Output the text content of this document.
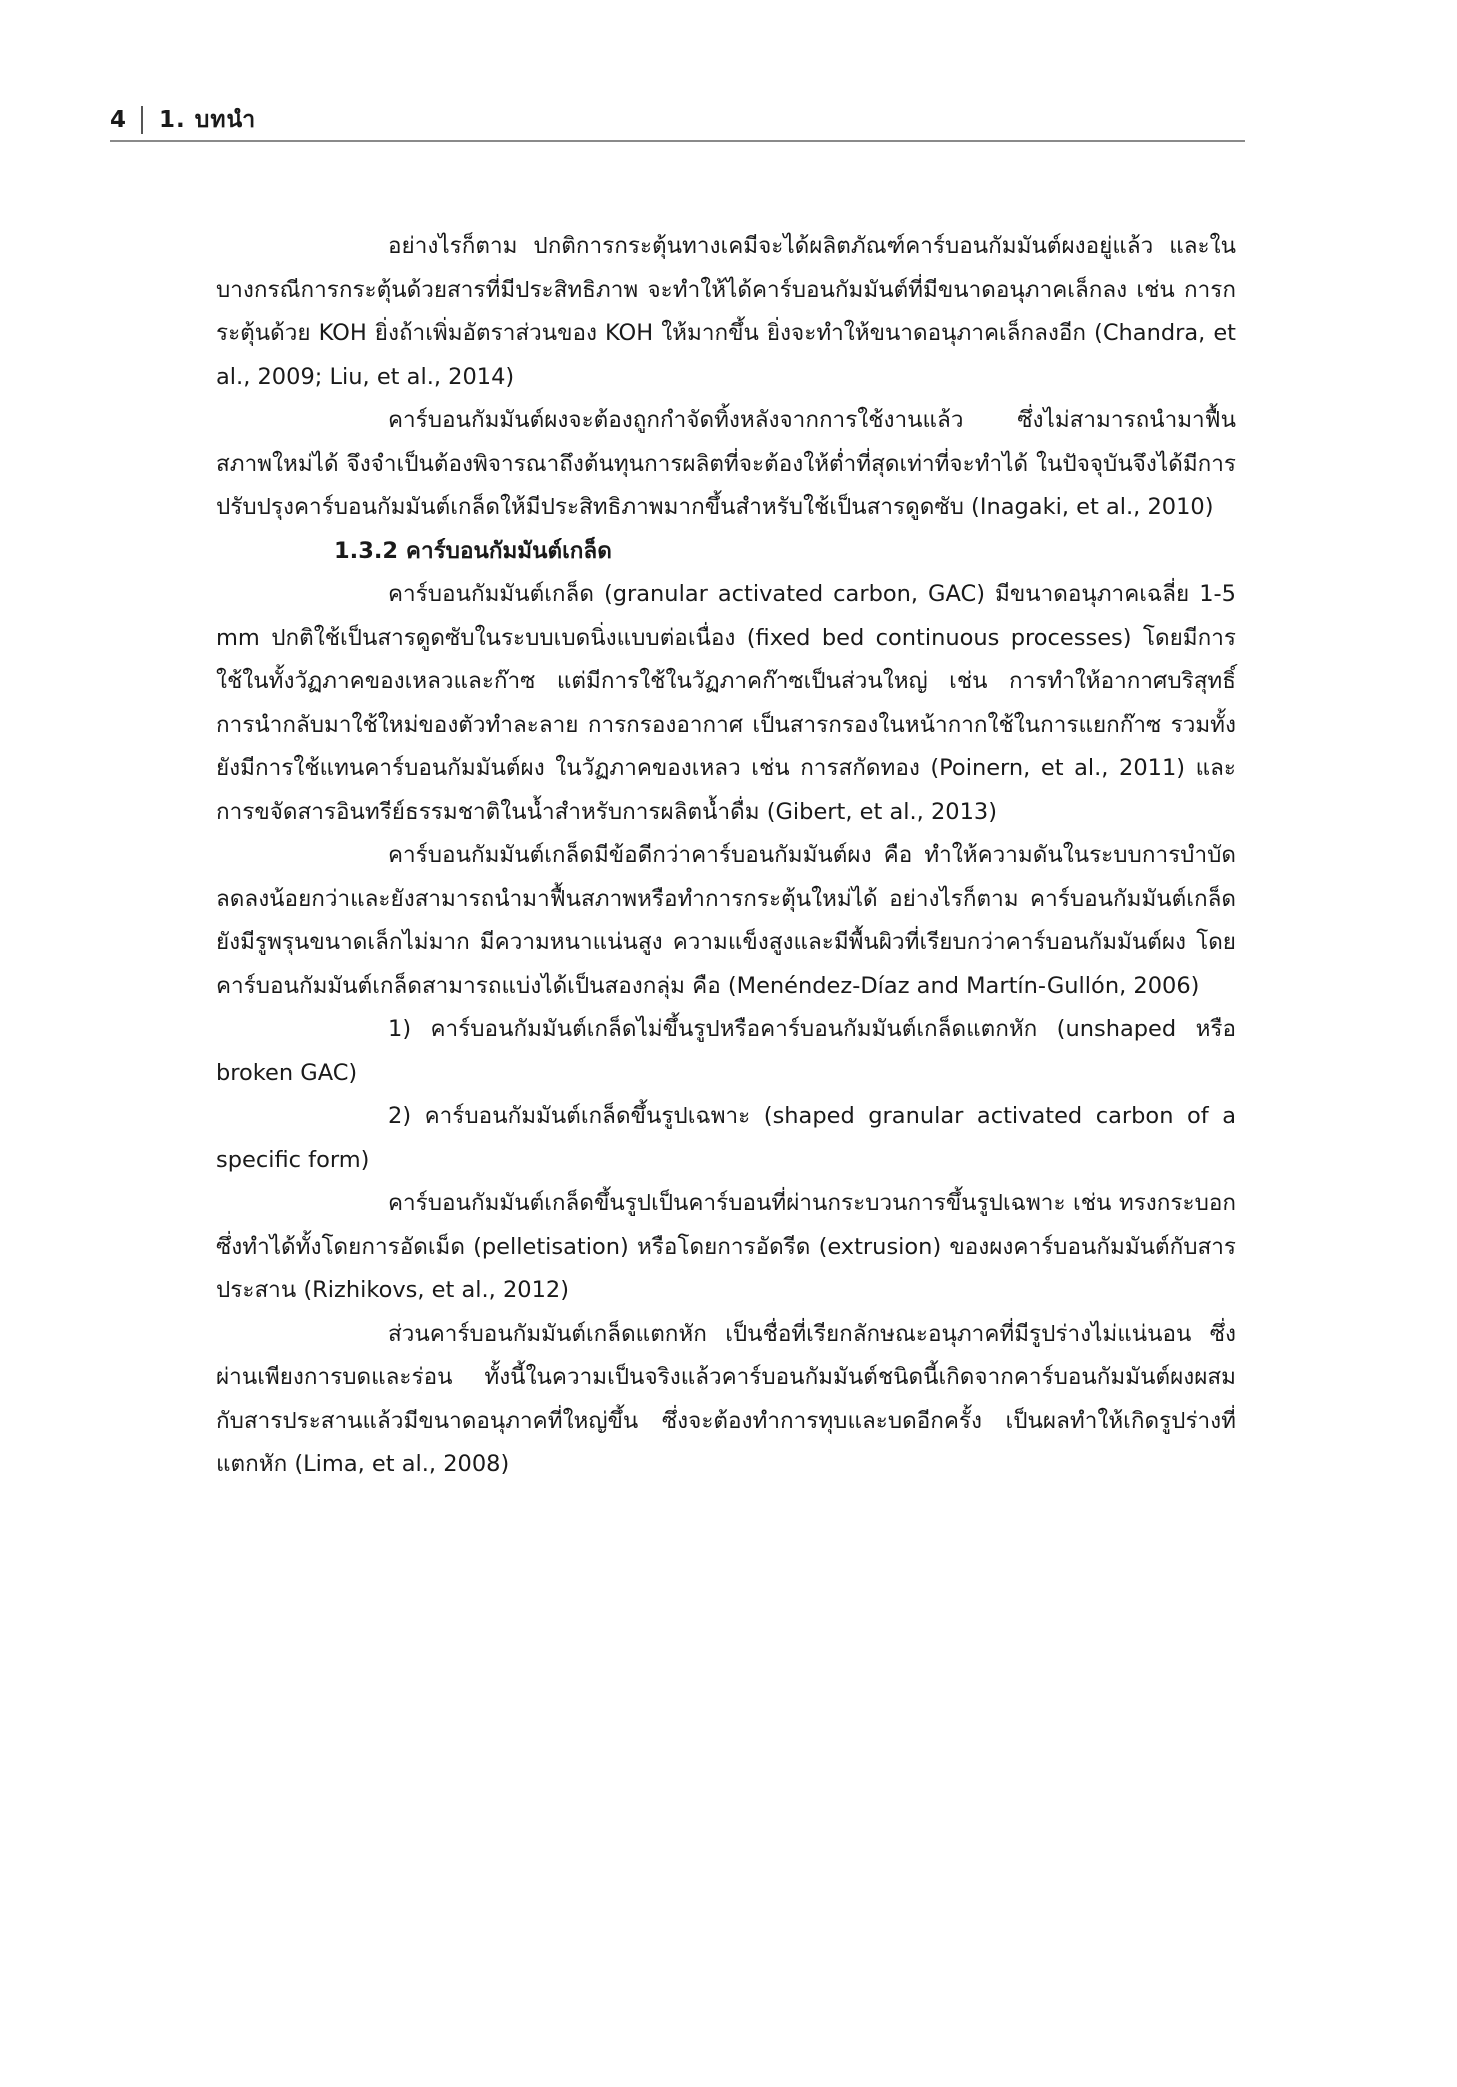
4 1. บทนำ

อย่างไรก็ตาม ปกติการกระตุ้นทางเคมีจะได้ผลิตภัณฑ์คาร์บอนกัมมันต์ผงอยู่แล้ว และในบางกรณีการกระตุ้นด้วยสารที่มีประสิทธิภาพ จะทำให้ได้คาร์บอนกัมมันต์ที่มีขนาดอนุภาคเล็กลง เช่น การกระตุ้นด้วย KOH ยิ่งถ้าเพิ่มอัตราส่วนของ KOH ให้มากขึ้น ยิ่งจะทำให้ขนาดอนุภาคเล็กลงอีก (Chandra, et al., 2009; Liu, et al., 2014)

คาร์บอนกัมมันต์ผงจะต้องถูกกำจัดทิ้งหลังจากการใช้งานแล้ว ซึ่งไม่สามารถนำมาฟื้นสภาพใหม่ได้ จึงจำเป็นต้องพิจารณาถึงต้นทุนการผลิตที่จะต้องให้ต่ำที่สุดเท่าที่จะทำได้ ในปัจจุบันจึงได้มีการปรับปรุงคาร์บอนกัมมันต์เกล็ดให้มีประสิทธิภาพมากขึ้นสำหรับใช้เป็นสารดูดซับ (Inagaki, et al., 2010)

1.3.2 คาร์บอนกัมมันต์เกล็ด

คาร์บอนกัมมันต์เกล็ด (granular activated carbon, GAC) มีขนาดอนุภาคเฉลี่ย 1-5 mm ปกติใช้เป็นสารดูดซับในระบบเบดนิ่งแบบต่อเนื่อง (fixed bed continuous processes) โดยมีการใช้ในทั้งวัฏภาคของเหลวและก๊าซ แต่มีการใช้ในวัฏภาคก๊าซเป็นส่วนใหญ่ เช่น การทำให้อากาศบริสุทธิ์ การนำกลับมาใช้ใหม่ของตัวทำละลาย การกรองอากาศ เป็นสารกรองในหน้ากากใช้ในการแยกก๊าซ รวมทั้ง ยังมีการใช้แทนคาร์บอนกัมมันต์ผง ในวัฏภาคของเหลว เช่น การสกัดทอง (Poinern, et al., 2011) และการขจัดสารอินทรีย์ธรรมชาติในน้ำสำหรับการผลิตน้ำดื่ม (Gibert, et al., 2013)

คาร์บอนกัมมันต์เกล็ดมีข้อดีกว่าคาร์บอนกัมมันต์ผง คือ ทำให้ความดันในระบบการบำบัดลดลงน้อยกว่าและยังสามารถนำมาฟื้นสภาพหรือทำการกระตุ้นใหม่ได้ อย่างไรก็ตาม คาร์บอนกัมมันต์เกล็ด ยังมีรูพรุนขนาดเล็กไม่มาก มีความหนาแน่นสูง ความแข็งสูงและมีพื้นผิวที่เรียบกว่าคาร์บอนกัมมันต์ผง โดยคาร์บอนกัมมันต์เกล็ดสามารถแบ่งได้เป็นสองกลุ่ม คือ (Menéndez-Díaz and Martín-Gullón, 2006)

1) คาร์บอนกัมมันต์เกล็ดไม่ขึ้นรูปหรือคาร์บอนกัมมันต์เกล็ดแตกหัก (unshaped หรือ broken GAC)

2) คาร์บอนกัมมันต์เกล็ดขึ้นรูปเฉพาะ (shaped granular activated carbon of a specific form)

คาร์บอนกัมมันต์เกล็ดขึ้นรูปเป็นคาร์บอนที่ผ่านกระบวนการขึ้นรูปเฉพาะ เช่น ทรงกระบอก ซึ่งทำได้ทั้งโดยการอัดเม็ด (pelletisation) หรือโดยการอัดรีด (extrusion) ของผงคาร์บอนกัมมันต์กับสารประสาน (Rizhikovs, et al., 2012)

ส่วนคาร์บอนกัมมันต์เกล็ดแตกหัก เป็นชื่อที่เรียกลักษณะอนุภาคที่มีรูปร่างไม่แน่นอน ซึ่งผ่านเพียงการบดและร่อน ทั้งนี้ในความเป็นจริงแล้วคาร์บอนกัมมันต์ชนิดนี้เกิดจากคาร์บอนกัมมันต์ผงผสมกับสารประสานแล้วมีขนาดอนุภาคที่ใหญ่ขึ้น ซึ่งจะต้องทำการทุบและบดอีกครั้ง เป็นผลทำให้เกิดรูปร่างที่แตกหัก (Lima, et al., 2008)
